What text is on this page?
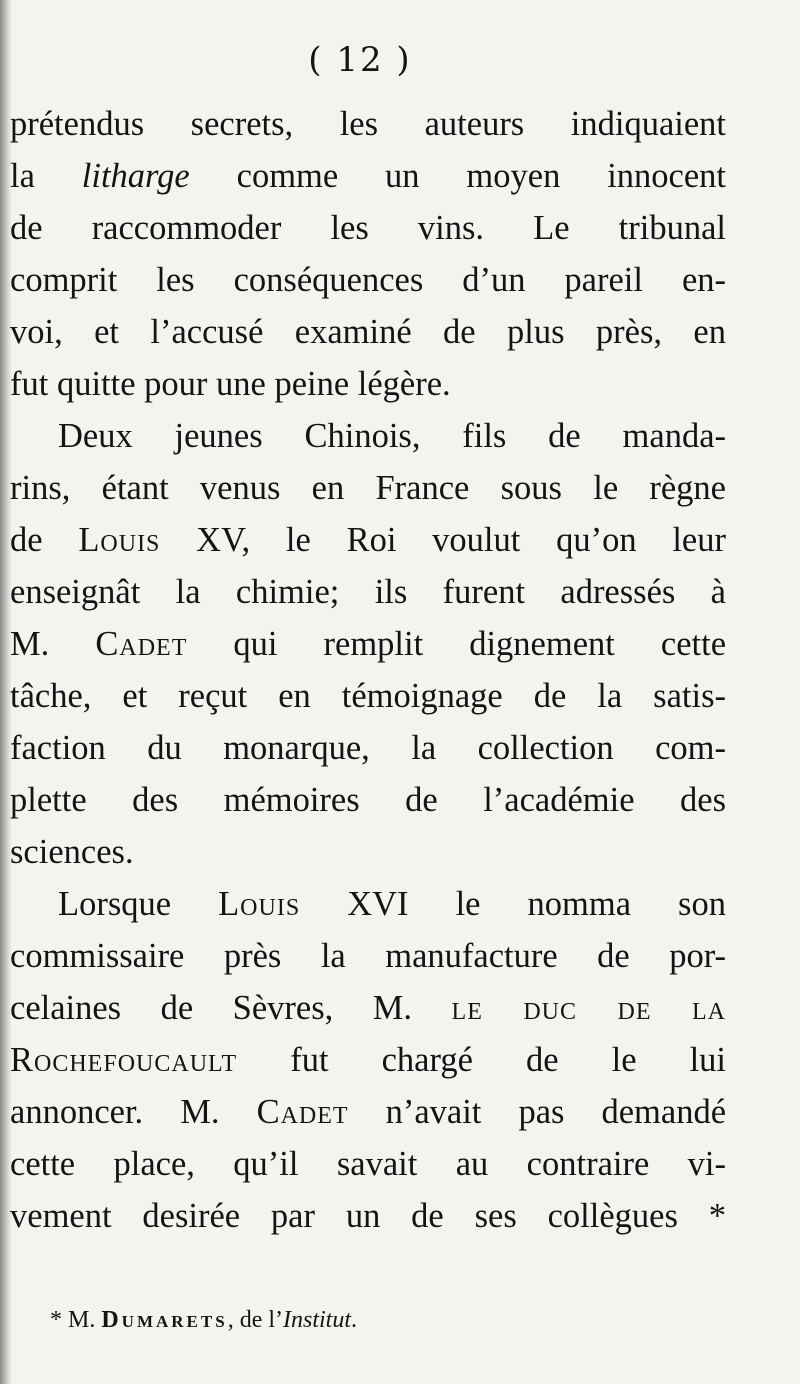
( 12 )
prétendus secrets, les auteurs indiquaient
la litharge comme un moyen innocent
de raccommoder les vins. Le tribunal
comprit les conséquences d’un pareil en-
voi, et l’accusé examiné de plus près, en
fut quitte pour une peine légère.
Deux jeunes Chinois, fils de manda-
rins, étant venus en France sous le règne
de Louis XV, le Roi voulut qu’on leur
enseignât la chimie; ils furent adressés à
M. Cadet qui remplit dignement cette
tâche, et reçut en témoignage de la satis-
faction du monarque, la collection com-
plette des mémoires de l’académie des
sciences.
Lorsque Louis XVI le nomma son
commissaire près la manufacture de por-
celaines de Sèvres, M. le duc de la
Rochefoucault fut chargé de le lui
annoncer. M. Cadet n’avait pas demandé
cette place, qu’il savait au contraire vi-
vement desirée par un de ses collègues *
* M. Dumarets, de l’Institut.
